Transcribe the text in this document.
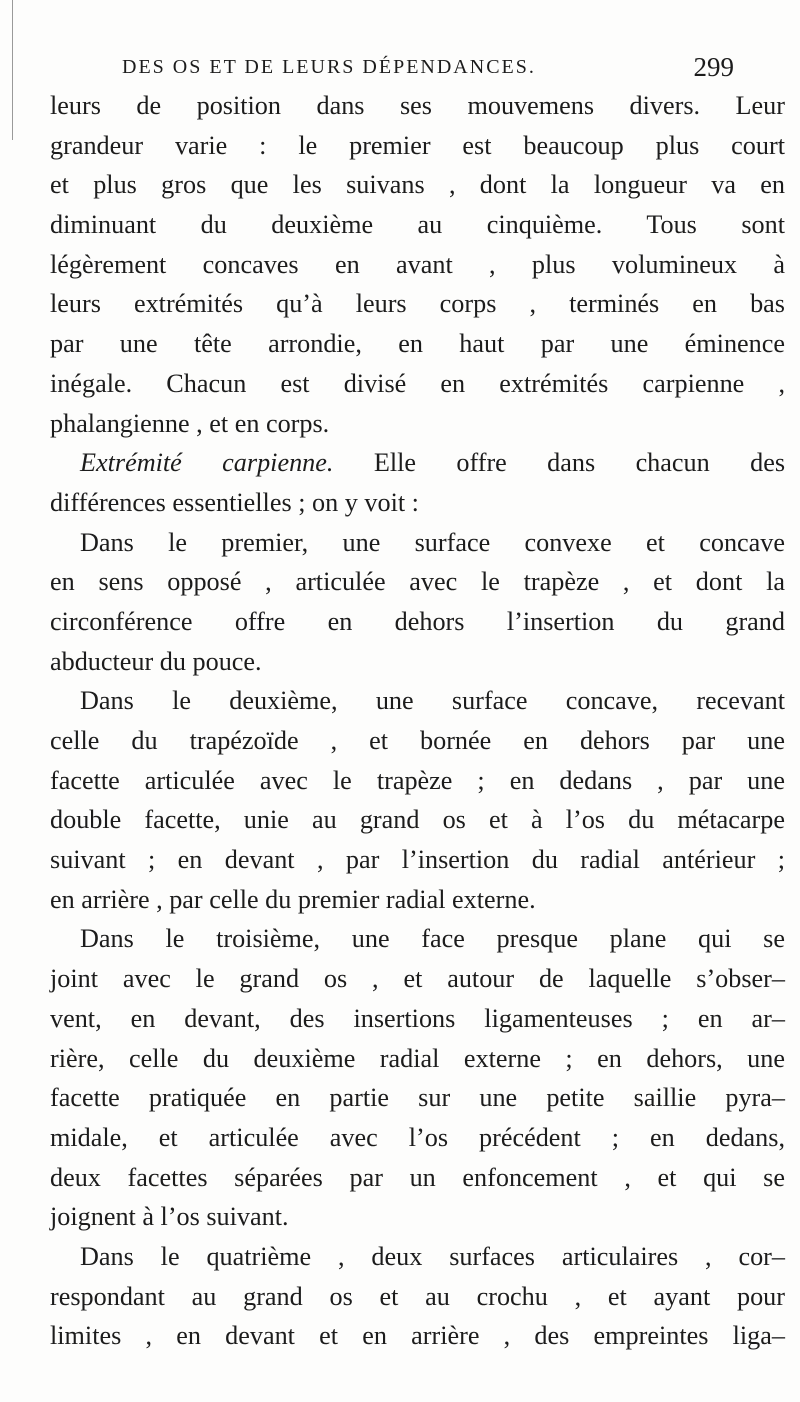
DES OS ET DE LEURS DÉPENDANCES.	299
leurs de position dans ses mouvemens divers. Leur
grandeur varie : le premier est beaucoup plus court
et plus gros que les suivans , dont la longueur va en
diminuant du deuxième au cinquième. Tous sont
légèrement concaves en avant , plus volumineux à
leurs extrémités qu’à leurs corps , terminés en bas
par une tête arrondie, en haut par une éminence
inégale. Chacun est divisé en extrémités carpienne ,
phalangienne , et en corps.
Extrémité carpienne. Elle offre dans chacun des
différences essentielles ; on y voit :
Dans le premier, une surface convexe et concave
en sens opposé , articulée avec le trapèze , et dont la
circonférence offre en dehors l’insertion du grand
abducteur du pouce.
Dans le deuxième, une surface concave, recevant
celle du trapézoïde , et bornée en dehors par une
facette articulée avec le trapèze ; en dedans , par une
double facette, unie au grand os et à l’os du métacarpe
suivant ; en devant , par l’insertion du radial antérieur ;
en arrière , par celle du premier radial externe.
Dans le troisième, une face presque plane qui se
joint avec le grand os , et autour de laquelle s’obser–
vent, en devant, des insertions ligamenteuses ; en ar–
rière, celle du deuxième radial externe ; en dehors, une
facette pratiquée en partie sur une petite saillie pyra–
midale, et articulée avec l’os précédent ; en dedans,
deux facettes séparées par un enfoncement , et qui se
joignent à l’os suivant.
Dans le quatrième , deux surfaces articulaires , cor–
respondant au grand os et au crochu , et ayant pour
limites , en devant et en arrière , des empreintes liga–
